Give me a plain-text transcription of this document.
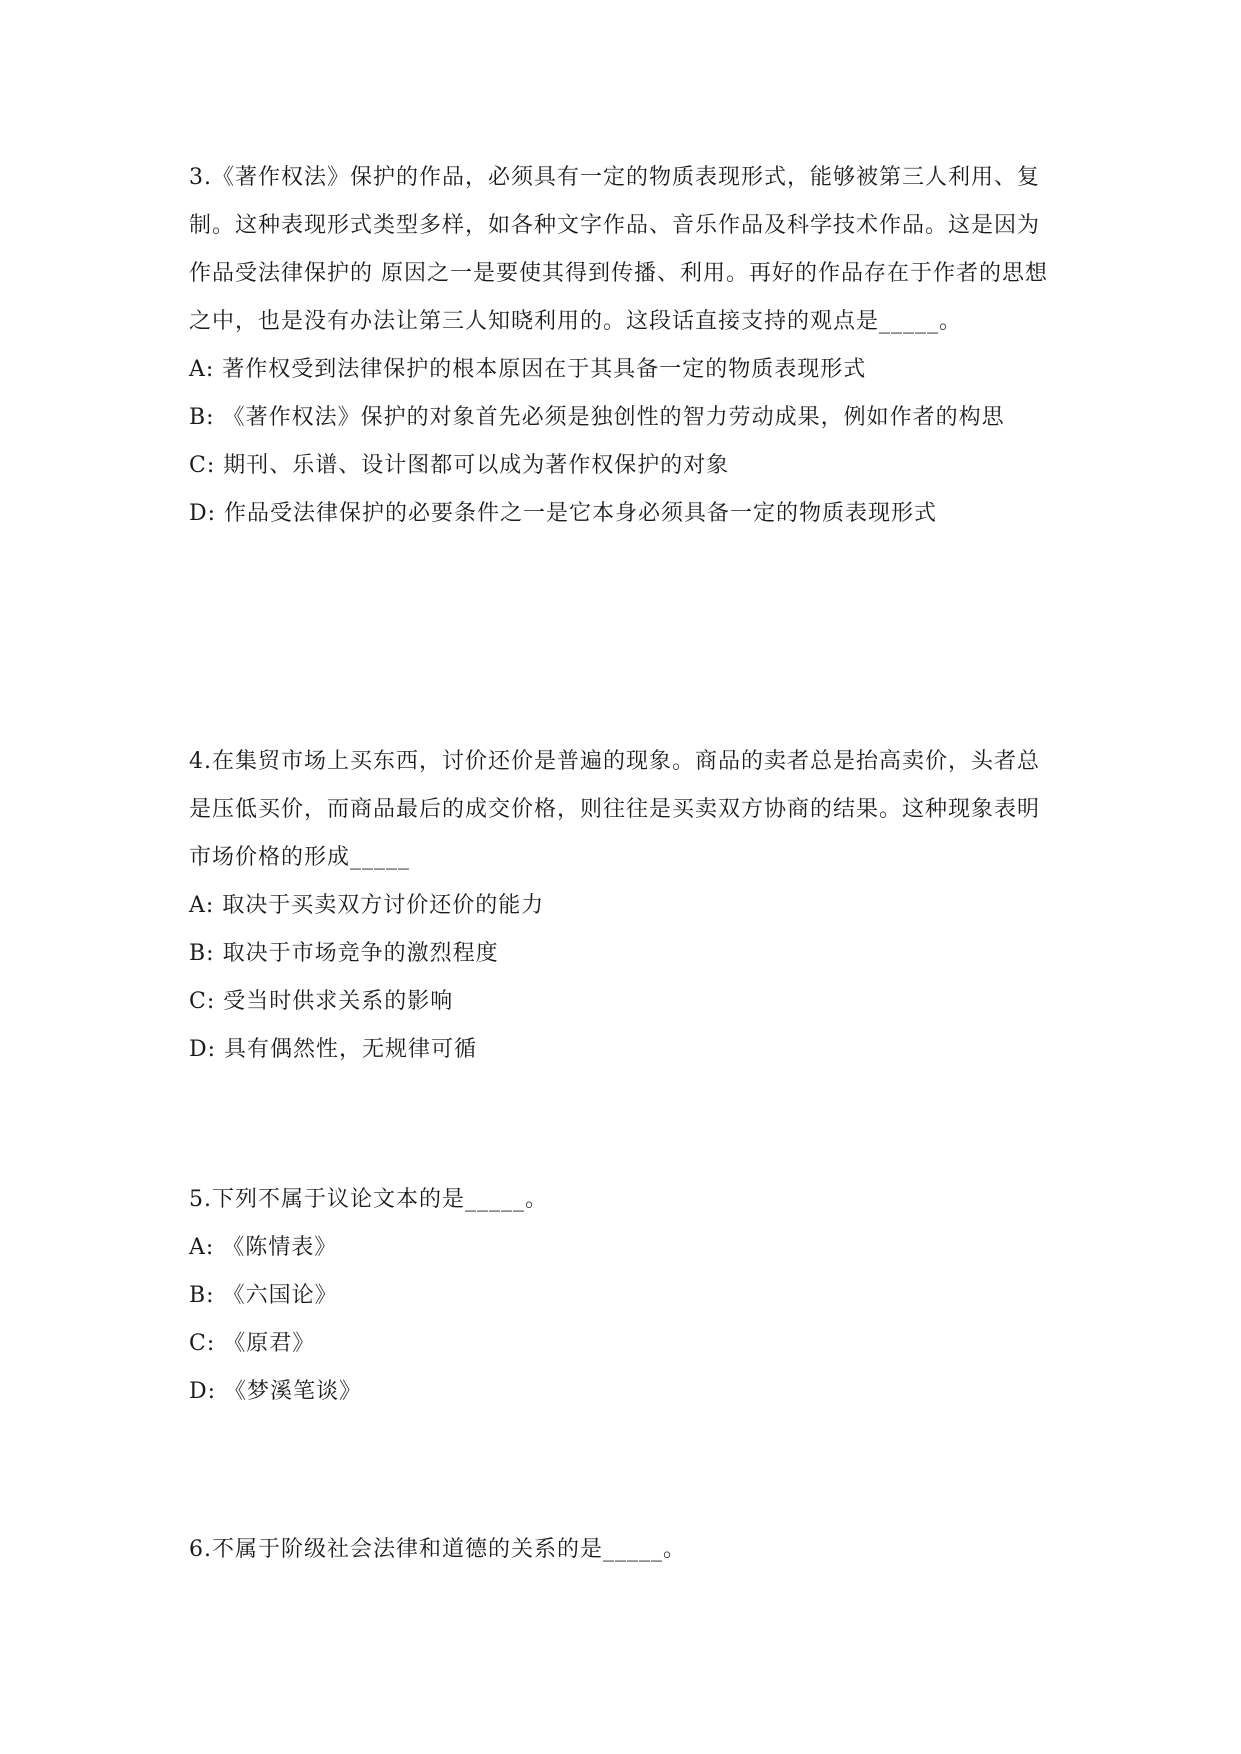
3.《著作权法》保护的作品，必须具有一定的物质表现形式，能够被第三人利用、复制。这种表现形式类型多样，如各种文字作品、音乐作品及科学技术作品。这是因为作品受法律保护的 原因之一是要使其得到传播、利用。再好的作品存在于作者的思想之中，也是没有办法让第三人知晓利用的。这段话直接支持的观点是_____。

A: 著作权受到法律保护的根本原因在于其具备一定的物质表现形式

B: 《著作权法》保护的对象首先必须是独创性的智力劳动成果，例如作者的构思

C: 期刊、乐谱、设计图都可以成为著作权保护的对象

D: 作品受法律保护的必要条件之一是它本身必须具备一定的物质表现形式

4.在集贸市场上买东西，讨价还价是普遍的现象。商品的卖者总是抬高卖价，头者总是压低买价，而商品最后的成交价格，则往往是买卖双方协商的结果。这种现象表明市场价格的形成_____

A: 取决于买卖双方讨价还价的能力

B: 取决于市场竞争的激烈程度

C: 受当时供求关系的影响

D: 具有偶然性，无规律可循

5.下列不属于议论文本的是_____。

A: 《陈情表》

B: 《六国论》

C: 《原君》

D: 《梦溪笔谈》

6.不属于阶级社会法律和道德的关系的是_____。
